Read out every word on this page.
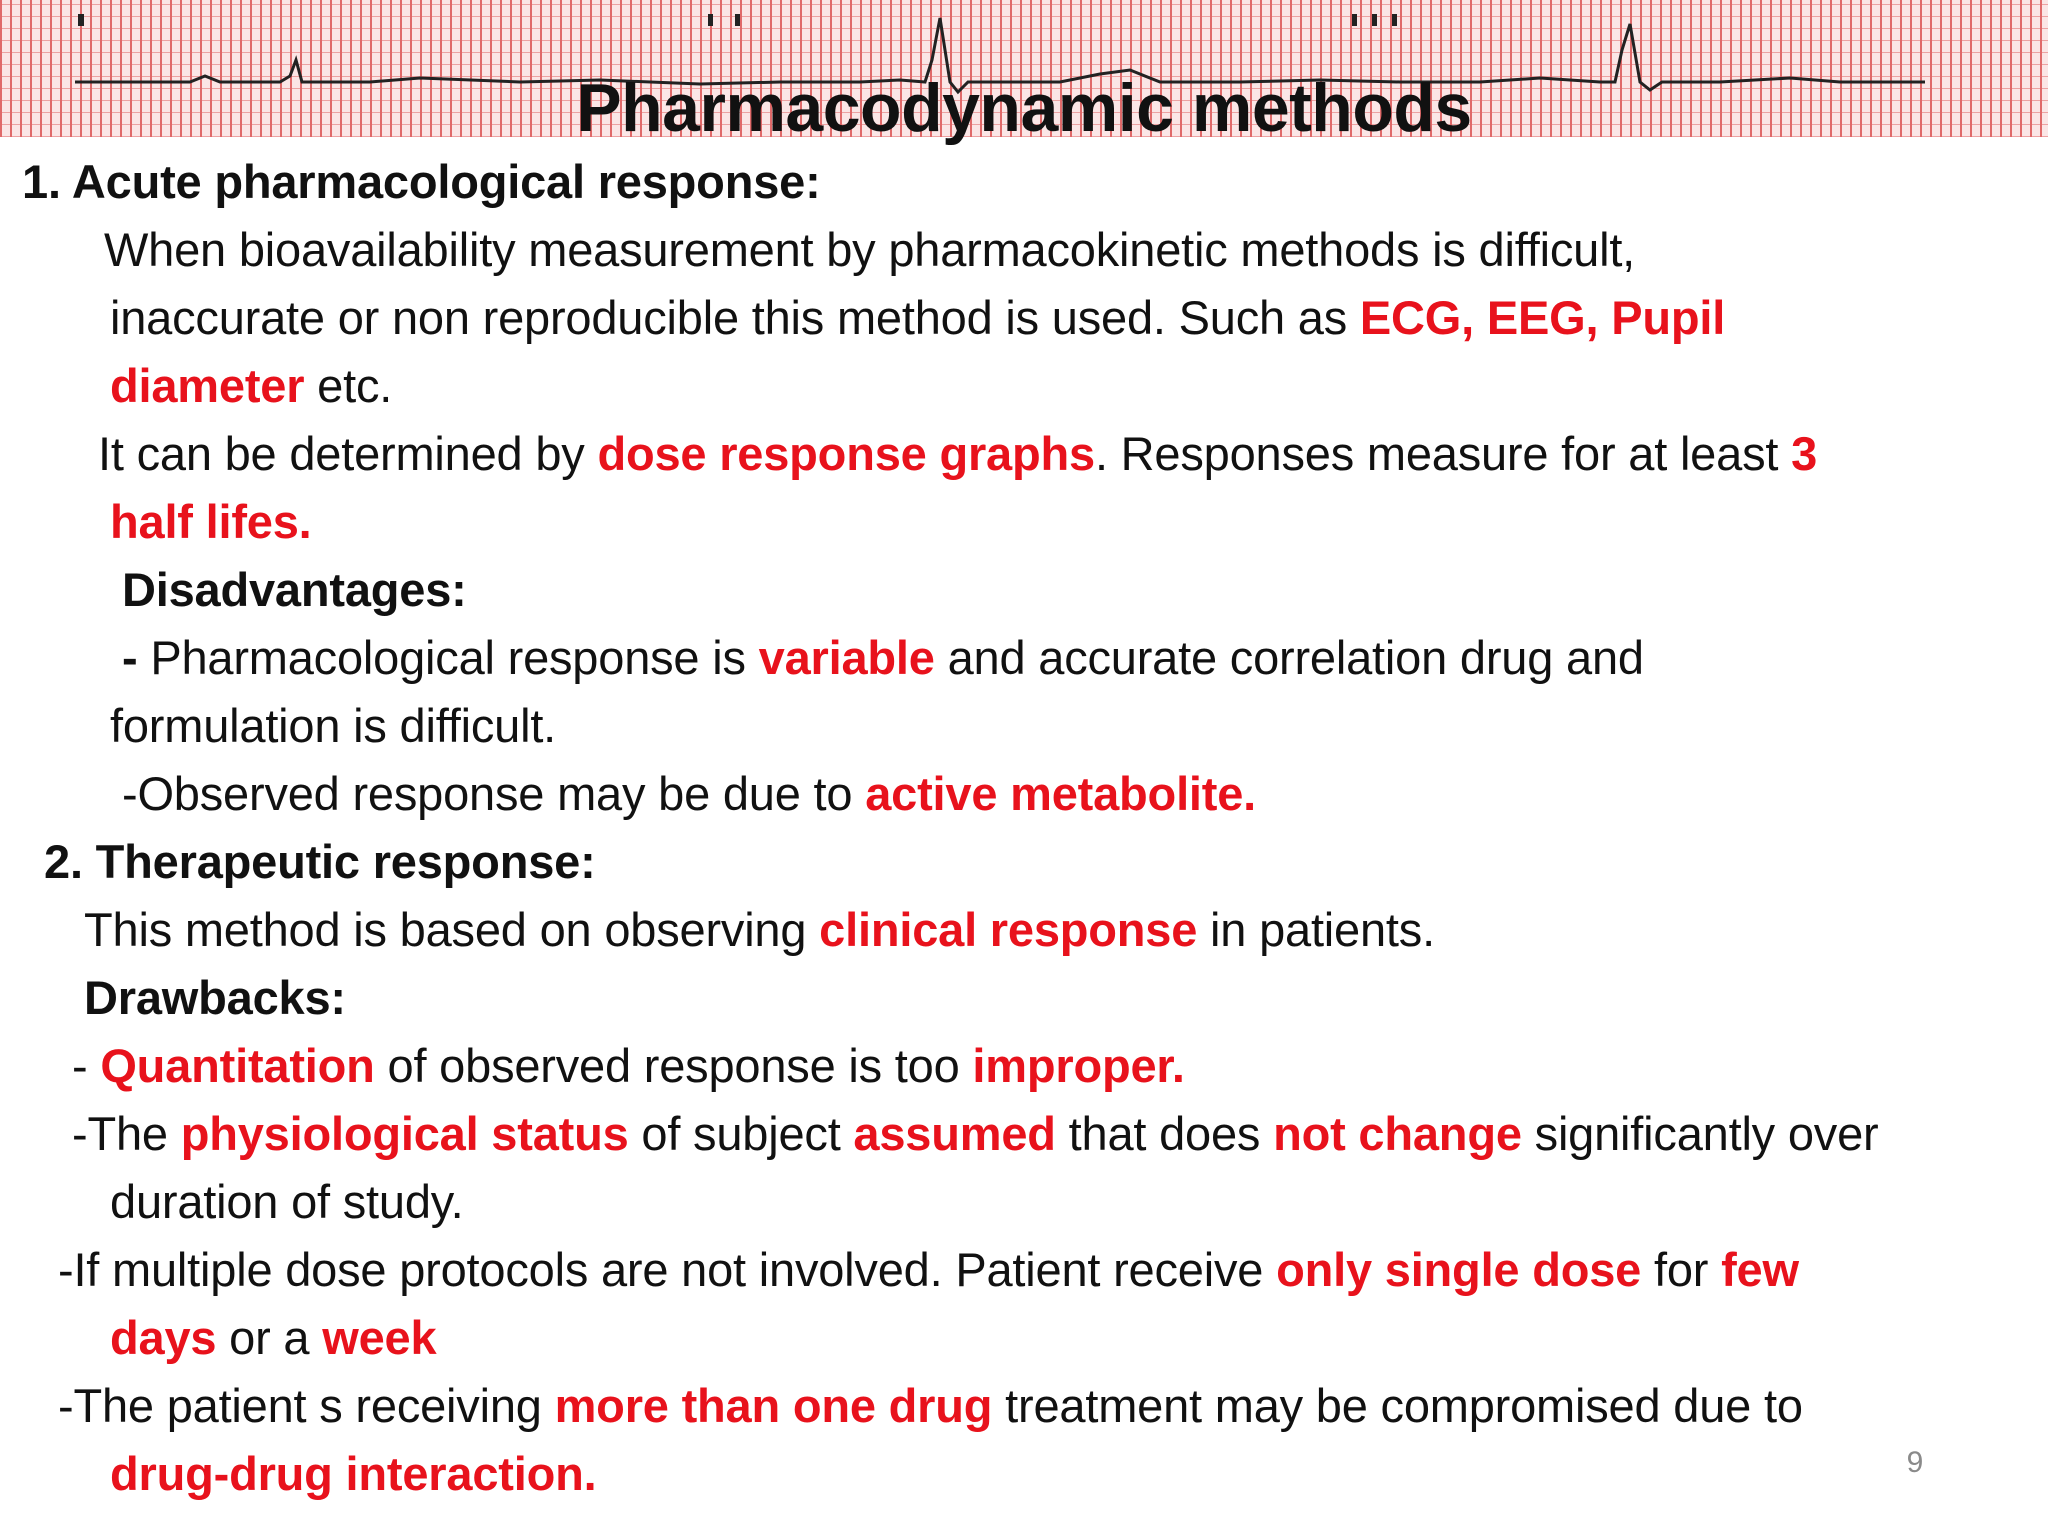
Pharmacodynamic methods
1. Acute pharmacological response:
When bioavailability measurement by pharmacokinetic methods is difficult,
inaccurate or non reproducible this method is used. Such as ECG, EEG, Pupil
diameter etc.
It can be determined by dose response graphs. Responses measure for at least 3
half lifes.
Disadvantages:
- Pharmacological response is variable and accurate correlation drug and
formulation is difficult.
-Observed response may be due to active metabolite.
2. Therapeutic response:
This method is based on observing clinical response in patients.
Drawbacks:
- Quantitation of observed response is too improper.
-The physiological status of subject assumed that does not change significantly over
duration of study.
-If multiple dose protocols are not involved. Patient receive only single dose for few
days or a week
-The patient s receiving more than one drug treatment may be compromised due to
drug-drug interaction.	9
